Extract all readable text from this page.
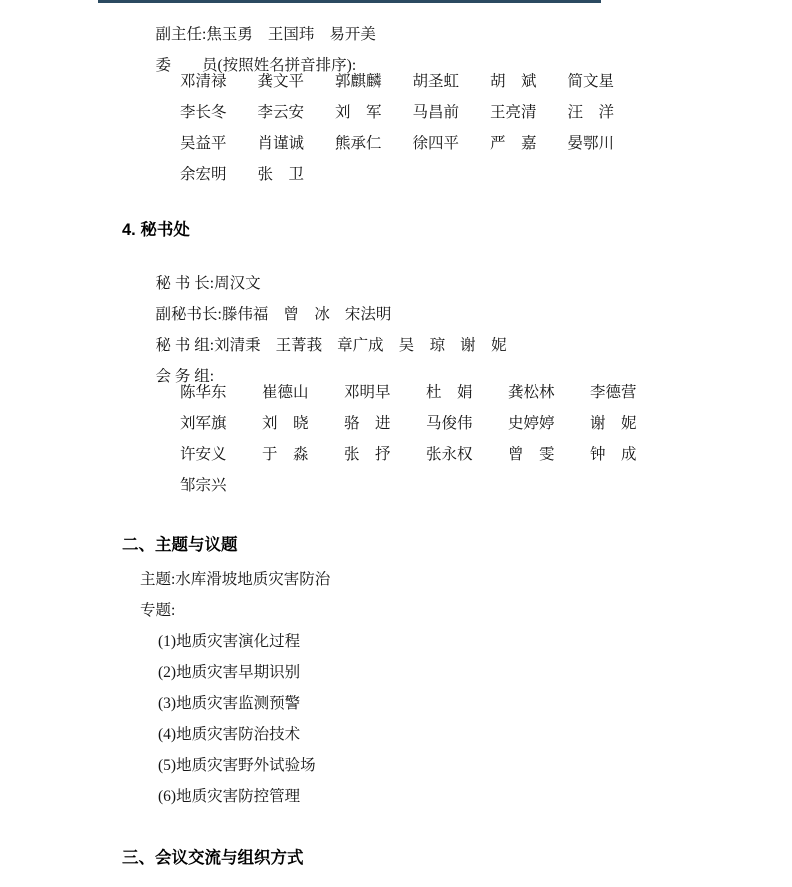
副主任:焦玉勇 王国玮 易开美

委　　员(按照姓名拼音排序):

邓清禄	龚文平	郭麒麟	胡圣虹	胡　斌	简文星
李长冬	李云安	刘　军	马昌前	王亮清	汪　洋
吴益平	肖谨诚	熊承仁	徐四平	严　嘉	晏鄂川
余宏明	张　卫
4. 秘书处

秘 书 长:周汉文

副秘书长:滕伟福 曾　冰 宋法明

秘 书 组:刘清秉 王菁莪 章广成 吴　琼 谢　妮

会 务 组:

陈华东	崔德山	邓明早	杜　娟	龚松林	李德营
刘军旗	刘　晓	骆　进	马俊伟	史婷婷	谢　妮
许安义	于　淼	张　抒	张永权	曾　雯	钟　成
邹宗兴
二、主题与议题
主题:水库滑坡地质灾害防治
专题:
(1)地质灾害演化过程
(2)地质灾害早期识别
(3)地质灾害监测预警
(4)地质灾害防治技术
(5)地质灾害野外试验场
(6)地质灾害防控管理
三、会议交流与组织方式
